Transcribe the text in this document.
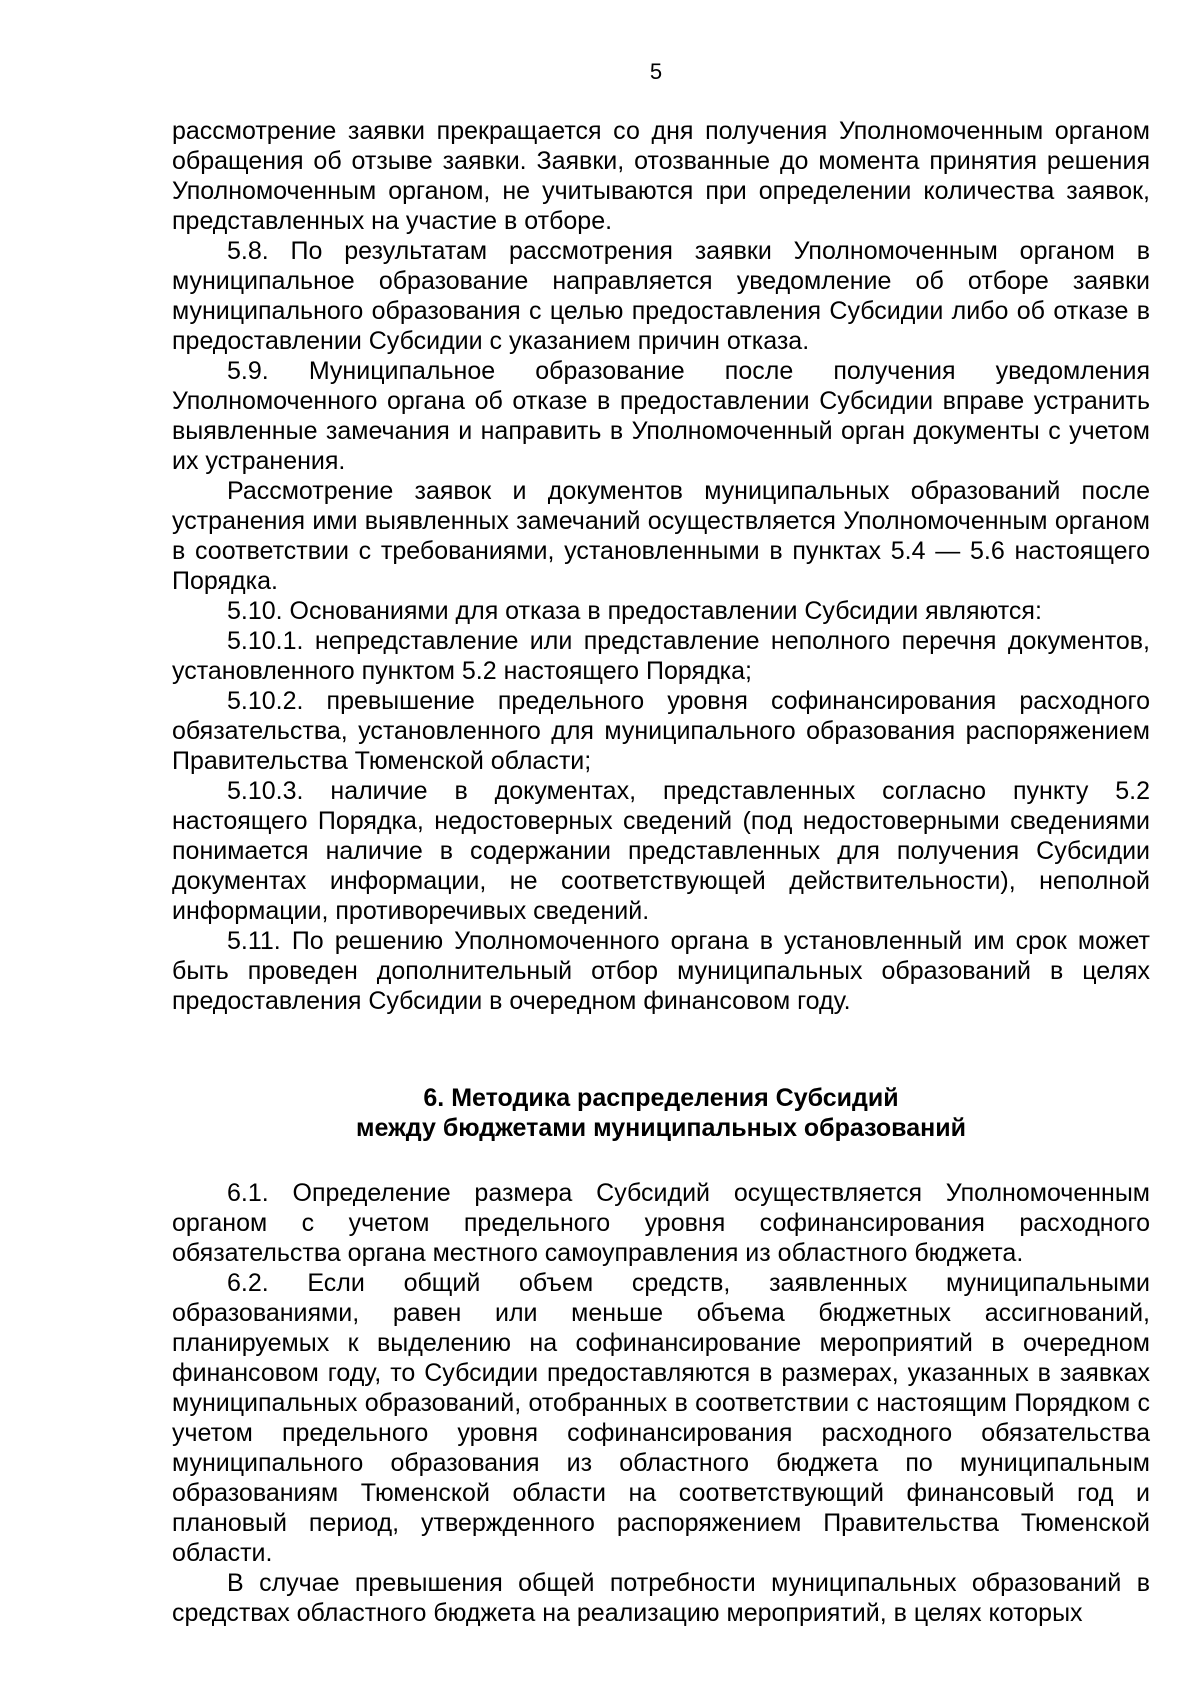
5

рассмотрение заявки прекращается со дня получения Уполномоченным органом обращения об отзыве заявки. Заявки, отозванные до момента принятия решения Уполномоченным органом, не учитываются при определении количества заявок, представленных на участие в отборе.

5.8. По результатам рассмотрения заявки Уполномоченным органом в муниципальное образование направляется уведомление об отборе заявки муниципального образования с целью предоставления Субсидии либо об отказе в предоставлении Субсидии с указанием причин отказа.

5.9. Муниципальное образование после получения уведомления Уполномоченного органа об отказе в предоставлении Субсидии вправе устранить выявленные замечания и направить в Уполномоченный орган документы с учетом их устранения.

Рассмотрение заявок и документов муниципальных образований после устранения ими выявленных замечаний осуществляется Уполномоченным органом в соответствии с требованиями, установленными в пунктах 5.4 — 5.6 настоящего Порядка.

5.10. Основаниями для отказа в предоставлении Субсидии являются:

5.10.1. непредставление или представление неполного перечня документов, установленного пунктом 5.2 настоящего Порядка;

5.10.2. превышение предельного уровня софинансирования расходного обязательства, установленного для муниципального образования распоряжением Правительства Тюменской области;

5.10.3. наличие в документах, представленных согласно пункту 5.2 настоящего Порядка, недостоверных сведений (под недостоверными сведениями понимается наличие в содержании представленных для получения Субсидии документах информации, не соответствующей действительности), неполной информации, противоречивых сведений.

5.11. По решению Уполномоченного органа в установленный им срок может быть проведен дополнительный отбор муниципальных образований в целях предоставления Субсидии в очередном финансовом году.

6. Методика распределения Субсидий
между бюджетами муниципальных образований

6.1. Определение размера Субсидий осуществляется Уполномоченным органом с учетом предельного уровня софинансирования расходного обязательства органа местного самоуправления из областного бюджета.

6.2. Если общий объем средств, заявленных муниципальными образованиями, равен или меньше объема бюджетных ассигнований, планируемых к выделению на софинансирование мероприятий в очередном финансовом году, то Субсидии предоставляются в размерах, указанных в заявках муниципальных образований, отобранных в соответствии с настоящим Порядком с учетом предельного уровня софинансирования расходного обязательства муниципального образования из областного бюджета по муниципальным образованиям Тюменской области на соответствующий финансовый год и плановый период, утвержденного распоряжением Правительства Тюменской области.

В случае превышения общей потребности муниципальных образований в средствах областного бюджета на реализацию мероприятий, в целях которых
